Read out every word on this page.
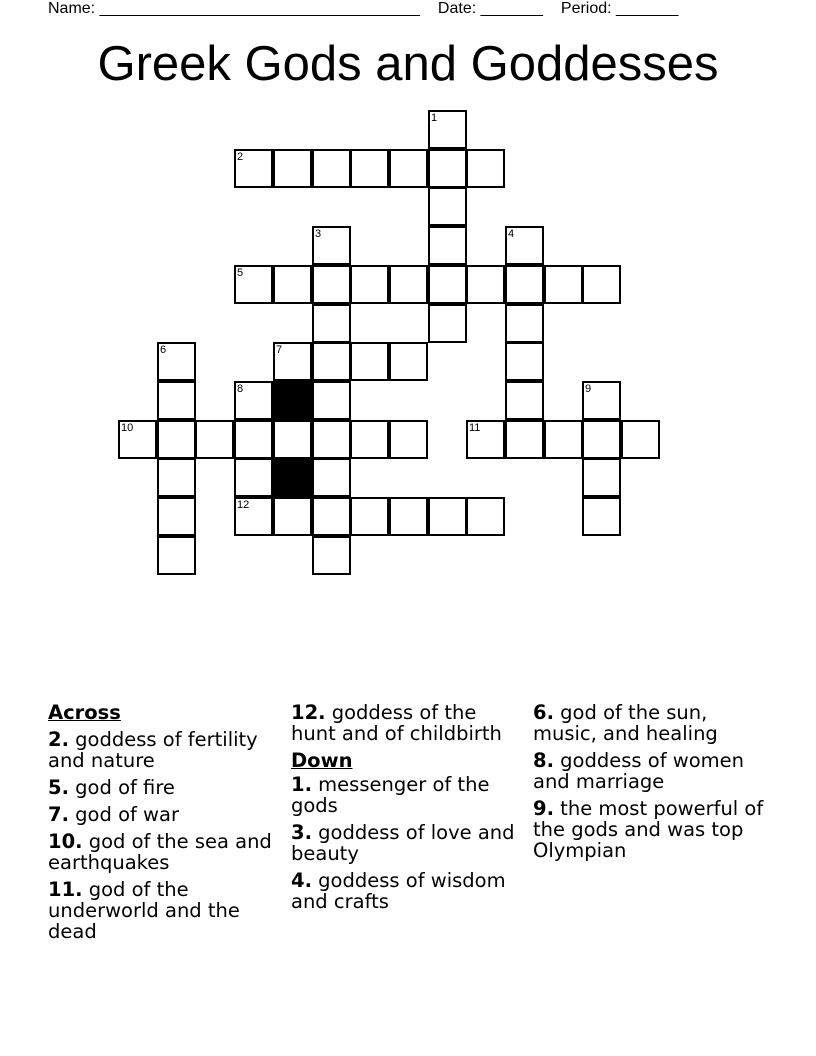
Name: ____________________________________ Date: _______ Period: _______
Greek Gods and Goddesses
1
2
3	4
5
6	7
8	9
10	11
12
Across
2. goddess of fertility and nature
5. god of fire
7. god of war
10. god of the sea and earthquakes
11. god of the underworld and the dead
12. goddess of the hunt and of childbirth
Down
1. messenger of the gods
3. goddess of love and beauty
4. goddess of wisdom and crafts
6. god of the sun, music, and healing
8. goddess of women and marriage
9. the most powerful of the gods and was top Olympian
